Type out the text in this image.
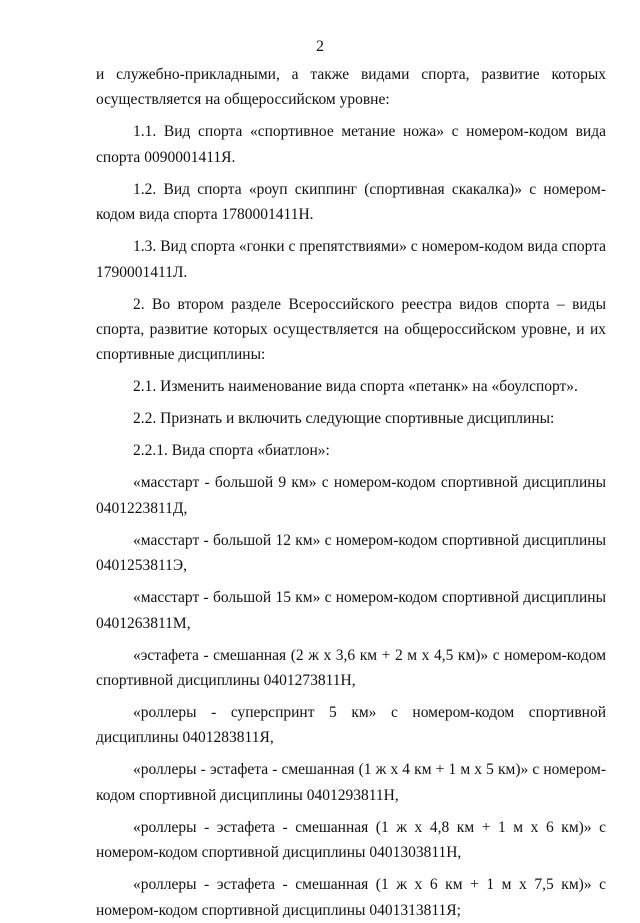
2

и служебно-прикладными, а также видами спорта, развитие которых осуществляется на общероссийском уровне:

1.1. Вид спорта «спортивное метание ножа» с номером-кодом вида спорта 0090001411Я.

1.2. Вид спорта «роуп скиппинг (спортивная скакалка)» с номером-кодом вида спорта 1780001411Н.

1.3. Вид спорта «гонки с препятствиями» с номером-кодом вида спорта 1790001411Л.

2. Во втором разделе Всероссийского реестра видов спорта – виды спорта, развитие которых осуществляется на общероссийском уровне, и их спортивные дисциплины:

2.1. Изменить наименование вида спорта «петанк» на «боулспорт».

2.2. Признать и включить следующие спортивные дисциплины:

2.2.1. Вида спорта «биатлон»:

«масстарт - большой 9 км» с номером-кодом спортивной дисциплины 0401223811Д,

«масстарт - большой 12 км» с номером-кодом спортивной дисциплины 0401253811Э,

«масстарт - большой 15 км» с номером-кодом спортивной дисциплины 0401263811М,

«эстафета - смешанная (2 ж х 3,6 км + 2 м х 4,5 км)» с номером-кодом спортивной дисциплины 0401273811Н,

«роллеры - суперспринт 5 км» с номером-кодом спортивной дисциплины 0401283811Я,

«роллеры - эстафета - смешанная (1 ж х 4 км + 1 м х 5 км)» с номером-кодом спортивной дисциплины 0401293811Н,

«роллеры - эстафета - смешанная (1 ж х 4,8 км + 1 м х 6 км)» с номером-кодом спортивной дисциплины 0401303811Н,

«роллеры - эстафета - смешанная (1 ж х 6 км + 1 м х 7,5 км)» с номером-кодом спортивной дисциплины 0401313811Я;
